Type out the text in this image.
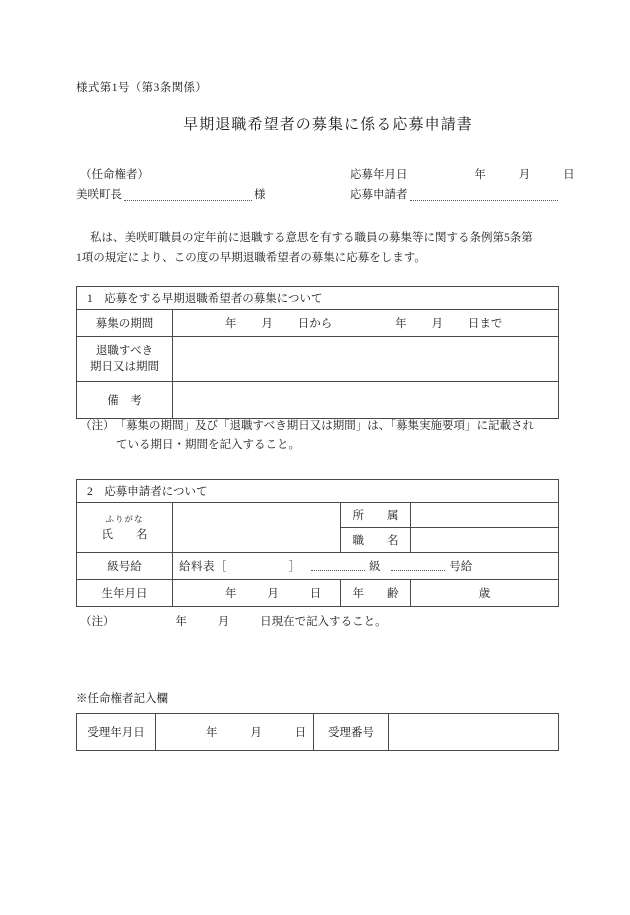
様式第1号（第3条関係）
早期退職希望者の募集に係る応募申請書
（任命権者）
美咲町長	様
応募年月日	年	月	日
応募申請者
私は、美咲町職員の定年前に退職する意思を有する職員の募集等に関する条例第5条第
1項の規定により、この度の早期退職希望者の募集に応募をします。
1　応募をする早期退職希望者の募集について	
募集の期間	年 月 日から 年 月 日まで
退職すべき
期日又は期間	
備　考	
（注）　「募集の期間」及び「退職すべき期日又は期間」は、「募集実施要項」に記載され
ている期日・期間を記入すること。
2　応募申請者について			

ふりがな
氏　　名		所　　属	
		職　　名	
級号給	給料表［ ］ 級 号給		
生年月日	年 月 日	年　　齢	歳
（注）	年	月	日現在で記入すること。
※任命権者記入欄
受理年月日	年	月	日	受理番号	
